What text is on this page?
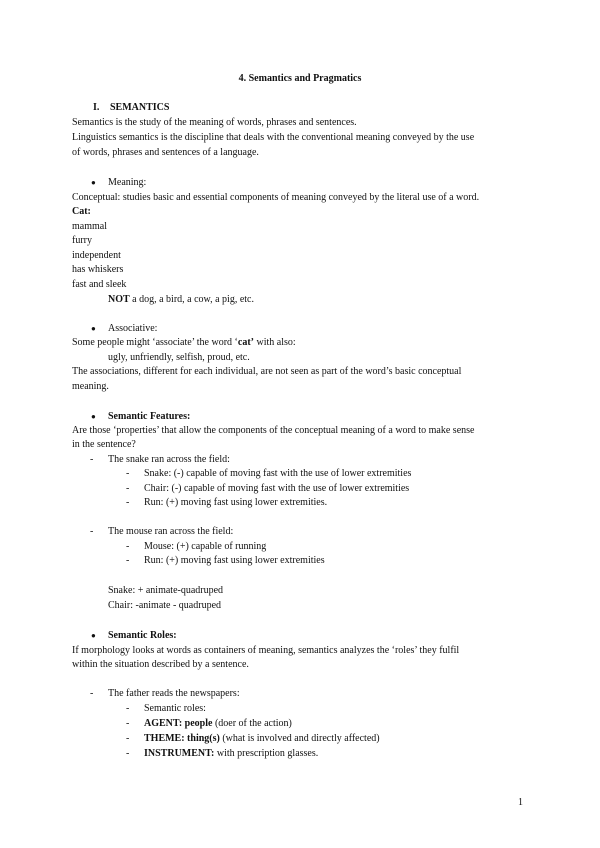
4. Semantics and Pragmatics
I. SEMANTICS
Semantics is the study of the meaning of words, phrases and sentences.
Linguistics semantics is the discipline that deals with the conventional meaning conveyed by the use
of words, phrases and sentences of a language.
● Meaning:
Conceptual: studies basic and essential components of meaning conveyed by the literal use of a word.
Cat:
mammal
furry
independent
has whiskers
fast and sleek
NOT a dog, a bird, a cow, a pig, etc.
● Associative:
Some people might ‘associate’ the word ‘cat’ with also:
ugly, unfriendly, selfish, proud, etc.
The associations, different for each individual, are not seen as part of the word’s basic conceptual
meaning.
● Semantic Features:
Are those ‘properties’ that allow the components of the conceptual meaning of a word to make sense
in the sentence?
- The snake ran across the field:
- Snake: (-) capable of moving fast with the use of lower extremities
- Chair: (-) capable of moving fast with the use of lower extremities
- Run: (+) moving fast using lower extremities.
- The mouse ran across the field:
- Mouse: (+) capable of running
- Run: (+) moving fast using lower extremities
Snake: + animate-quadruped
Chair: -animate - quadruped
● Semantic Roles:
If morphology looks at words as containers of meaning, semantics analyzes the ‘roles’ they fulfil
within the situation described by a sentence.
- The father reads the newspapers:
- Semantic roles:
- AGENT: people (doer of the action)
- THEME: thing(s) (what is involved and directly affected)
- INSTRUMENT: with prescription glasses.
1
